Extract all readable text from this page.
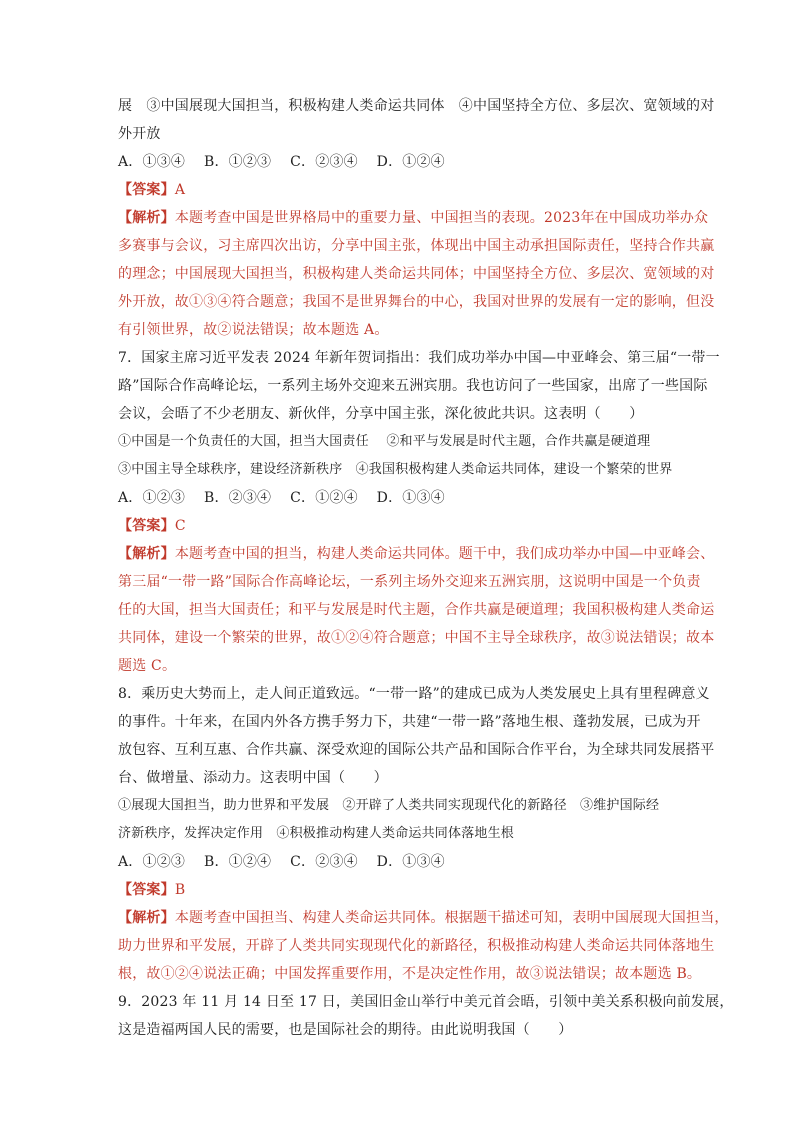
展　③中国展现大国担当，积极构建人类命运共同体　④中国坚持全方位、多层次、宽领域的对
外开放
A．①③④　 B．①②③　 C．②③④　 D．①②④
【答案】A
【解析】本题考查中国是世界格局中的重要力量、中国担当的表现。2023年在中国成功举办众
多赛事与会议，习主席四次出访，分享中国主张，体现出中国主动承担国际责任，坚持合作共赢
的理念；中国展现大国担当，积极构建人类命运共同体；中国坚持全方位、多层次、宽领域的对
外开放，故①③④符合题意；我国不是世界舞台的中心，我国对世界的发展有一定的影响，但没
有引领世界，故②说法错误；故本题选 A。
7．国家主席习近平发表 2024 年新年贺词指出：我们成功举办中国—中亚峰会、第三届“一带一
路”国际合作高峰论坛，一系列主场外交迎来五洲宾朋。我也访问了一些国家，出席了一些国际
会议，会晤了不少老朋友、新伙伴，分享中国主张，深化彼此共识。这表明（　　）
①中国是一个负责任的大国，担当大国责任　 ②和平与发展是时代主题，合作共赢是硬道理
③中国主导全球秩序，建设经济新秩序　④我国积极构建人类命运共同体，建设一个繁荣的世界
A．①②③　 B．②③④　 C．①②④　 D．①③④
【答案】C
【解析】本题考查中国的担当，构建人类命运共同体。题干中，我们成功举办中国—中亚峰会、
第三届“一带一路”国际合作高峰论坛，一系列主场外交迎来五洲宾朋，这说明中国是一个负责
任的大国，担当大国责任；和平与发展是时代主题，合作共赢是硬道理；我国积极构建人类命运
共同体，建设一个繁荣的世界，故①②④符合题意；中国不主导全球秩序，故③说法错误；故本
题选 C。
8．乘历史大势而上，走人间正道致远。“一带一路”的建成已成为人类发展史上具有里程碑意义
的事件。十年来，在国内外各方携手努力下，共建“一带一路”落地生根、蓬勃发展，已成为开
放包容、互利互惠、合作共赢、深受欢迎的国际公共产品和国际合作平台，为全球共同发展搭平
台、做增量、添动力。这表明中国（　　）
①展现大国担当，助力世界和平发展　②开辟了人类共同实现现代化的新路径　③维护国际经
济新秩序，发挥决定作用　④积极推动构建人类命运共同体落地生根
A．①②③　 B．①②④　 C．②③④　 D．①③④
【答案】B
【解析】本题考查中国担当、构建人类命运共同体。根据题干描述可知，表明中国展现大国担当，
助力世界和平发展，开辟了人类共同实现现代化的新路径，积极推动构建人类命运共同体落地生
根，故①②④说法正确；中国发挥重要作用，不是决定性作用，故③说法错误；故本题选 B。
9．2023 年 11 月 14 日至 17 日，美国旧金山举行中美元首会晤，引领中美关系积极向前发展，
这是造福两国人民的需要，也是国际社会的期待。由此说明我国（　　）
